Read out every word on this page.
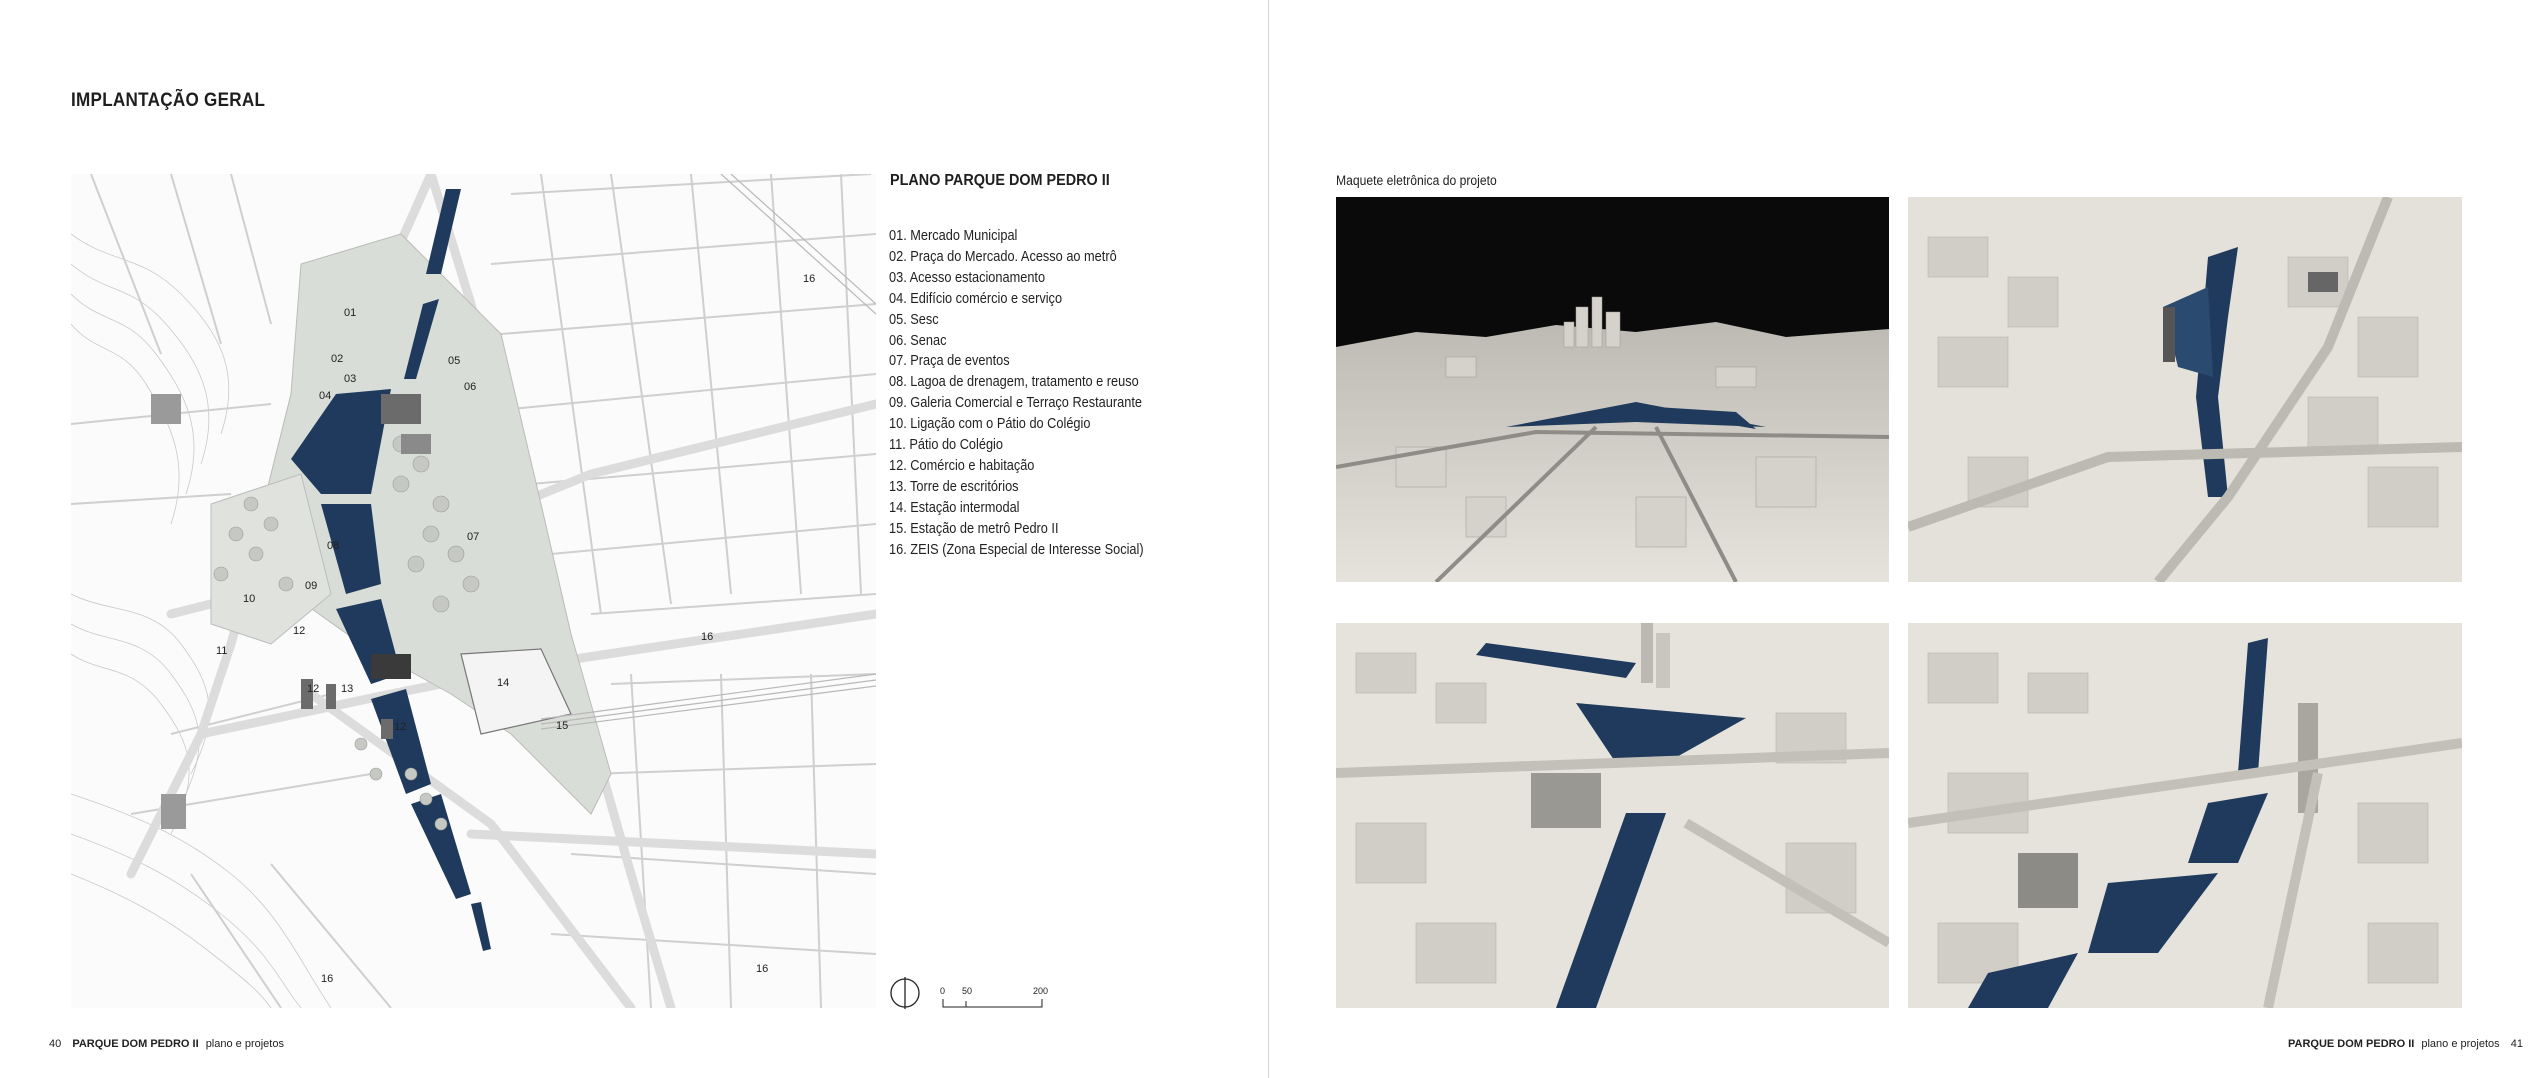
IMPLANTAÇÃO GERAL
01
02
03
04
05
06
07
08
09
10
11
12
12
12
13	14
15
16
16
16
16
PLANO PARQUE DOM PEDRO II
01. Mercado Municipal
02. Praça do Mercado. Acesso ao metrô
03. Acesso estacionamento
04. Edifício comércio e serviço
05. Sesc
06. Senac
07. Praça de eventos
08. Lagoa de drenagem, tratamento e reuso
09. Galeria Comercial e Terraço Restaurante
10. Ligação com o Pátio do Colégio
11. Pátio do Colégio
12. Comércio e habitação
13. Torre de escritórios
14. Estação intermodal
15. Estação de metrô Pedro II
16. ZEIS (Zona Especial de Interesse Social)
0 50	200
40 PARQUE DOM PEDRO II plano e projetos
Maquete eletrônica do projeto
PARQUE DOM PEDRO II plano e projetos 41
